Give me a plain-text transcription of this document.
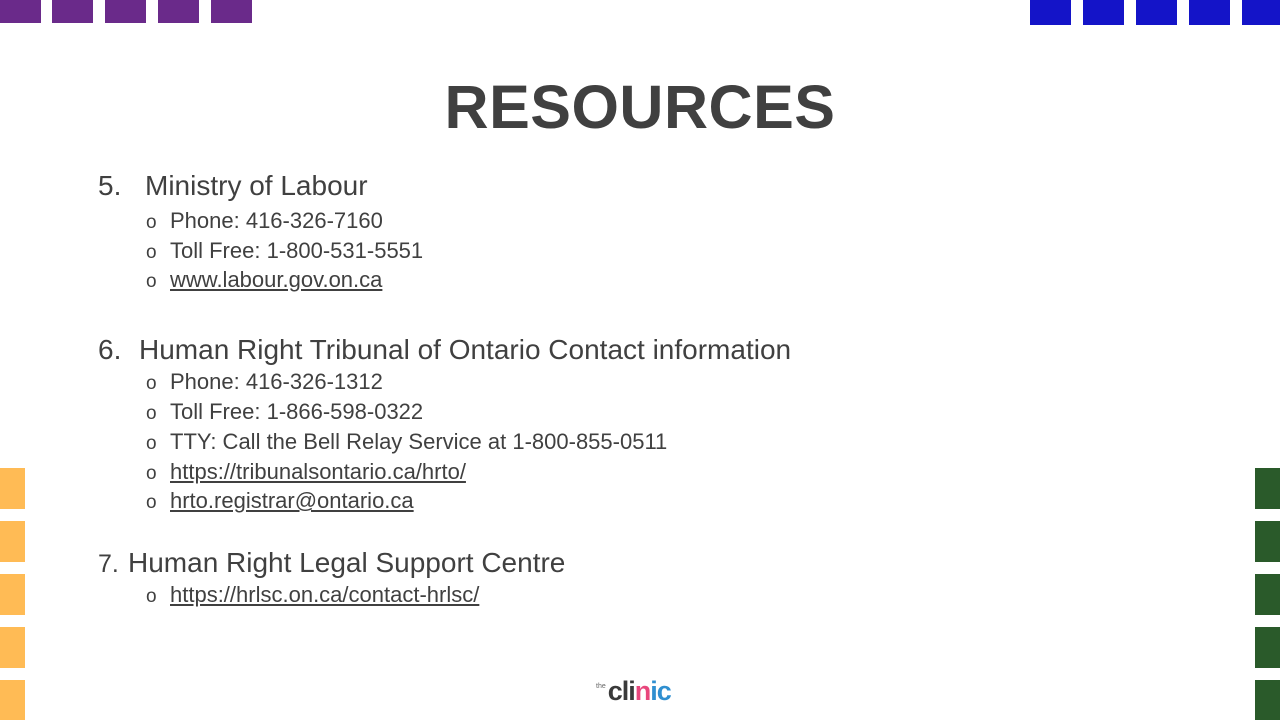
RESOURCES
5. Ministry of Labour
o Phone: 416-326-7160
o Toll Free: 1-800-531-5551
o www.labour.gov.on.ca
6. Human Right Tribunal of Ontario Contact information
o Phone: 416-326-1312
o Toll Free: 1-866-598-0322
o TTY: Call the Bell Relay Service at 1-800-855-0511
o https://tribunalsontario.ca/hrto/
o hrto.registrar@ontario.ca
7. Human Right Legal Support Centre
o https://hrlsc.on.ca/contact-hrlsc/
the clinic
